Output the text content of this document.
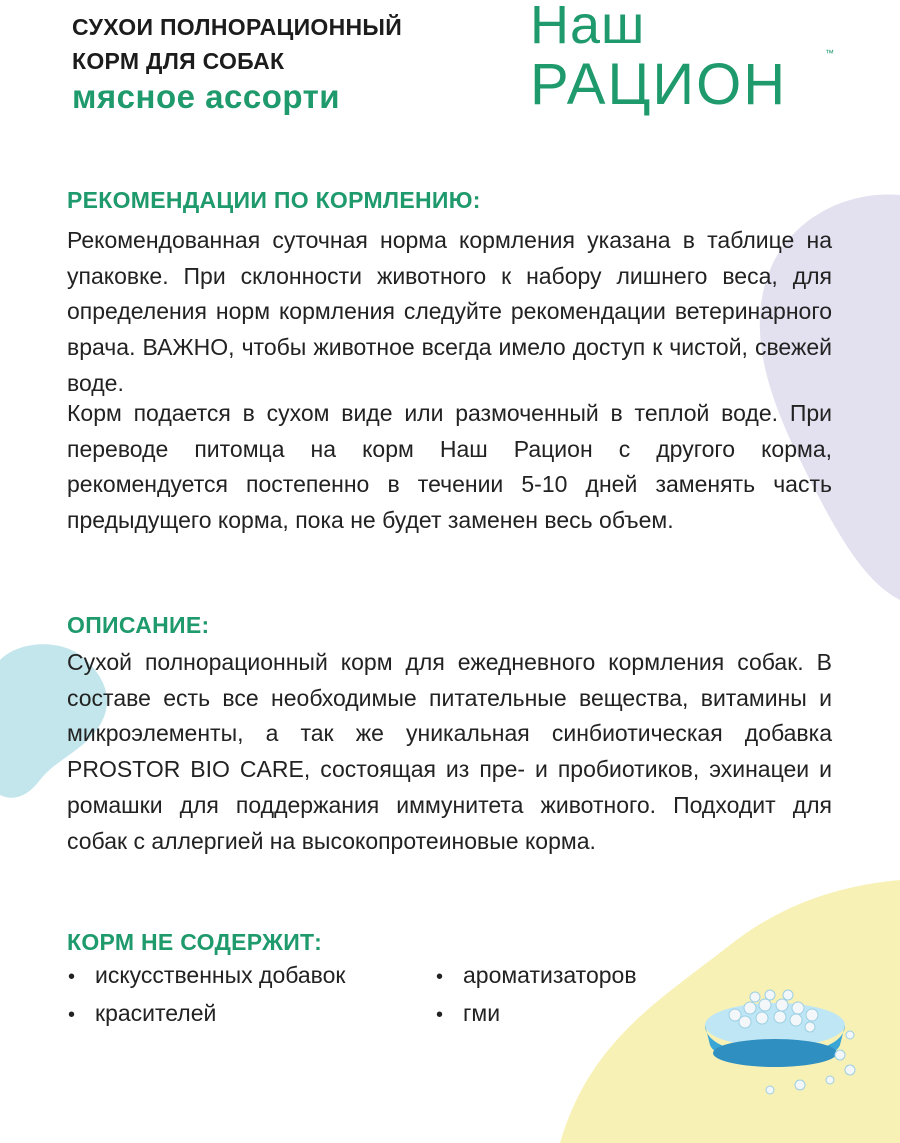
СУХОИ ПОЛНОРАЦИОННЫЙ
КОРМ ДЛЯ СОБАК
мясное ассорти
Наш
РАЦИОН	™
РЕКОМЕНДАЦИИ ПО КОРМЛЕНИЮ:

Рекомендованная суточная норма кормления указана в таблице на упаковке. При склонности животного к набору лишнего веса, для определения норм кормления следуйте рекомендации ветеринарного врача. ВАЖНО, чтобы животное всегда имело доступ к чистой, свежей воде.

Корм подается в сухом виде или размоченный в теплой воде. При переводе питомца на корм Наш Рацион с другого корма, рекомендуется постепенно в течении 5-10 дней заменять часть предыдущего корма, пока не будет заменен весь объем.

ОПИСАНИЕ:

Сухой полнорационный корм для ежедневного кормления собак. В составе есть все необходимые питательные вещества, витамины и микроэлементы, а так же уникальная синбиотическая добавка PROSTOR BIO CARE, состоящая из пре- и пробиотиков, эхинацеи и ромашки для поддержания иммунитета животного. Подходит для собак с аллергией на высокопротеиновые корма.

КОРМ НЕ СОДЕРЖИТ:
• искусственных добавок	• ароматизаторов
• красителей	• гми
